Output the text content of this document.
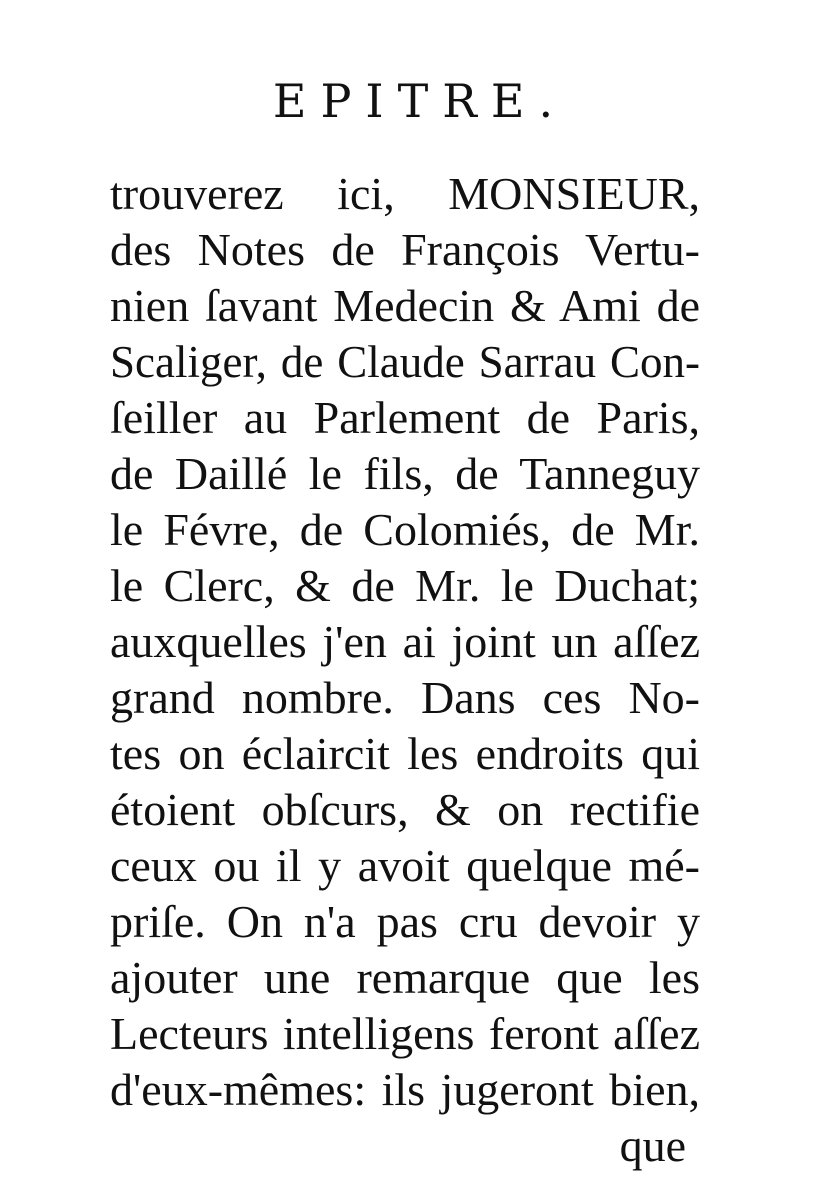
EPITRE.
trouverez ici, MONSIEUR,
des Notes de François Vertu-
nien ſavant Medecin & Ami de
Scaliger, de Claude Sarrau Con-
ſeiller au Parlement de Paris,
de Daillé le fils, de Tanneguy
le Févre, de Colomiés, de Mr.
le Clerc, & de Mr. le Duchat;
auxquelles j'en ai joint un aſſez
grand nombre. Dans ces No-
tes on éclaircit les endroits qui
étoient obſcurs, & on rectifie
ceux ou il y avoit quelque mé-
priſe. On n'a pas cru devoir y
ajouter une remarque que les
Lecteurs intelligens feront aſſez
d'eux-mêmes: ils jugeront bien,
que
